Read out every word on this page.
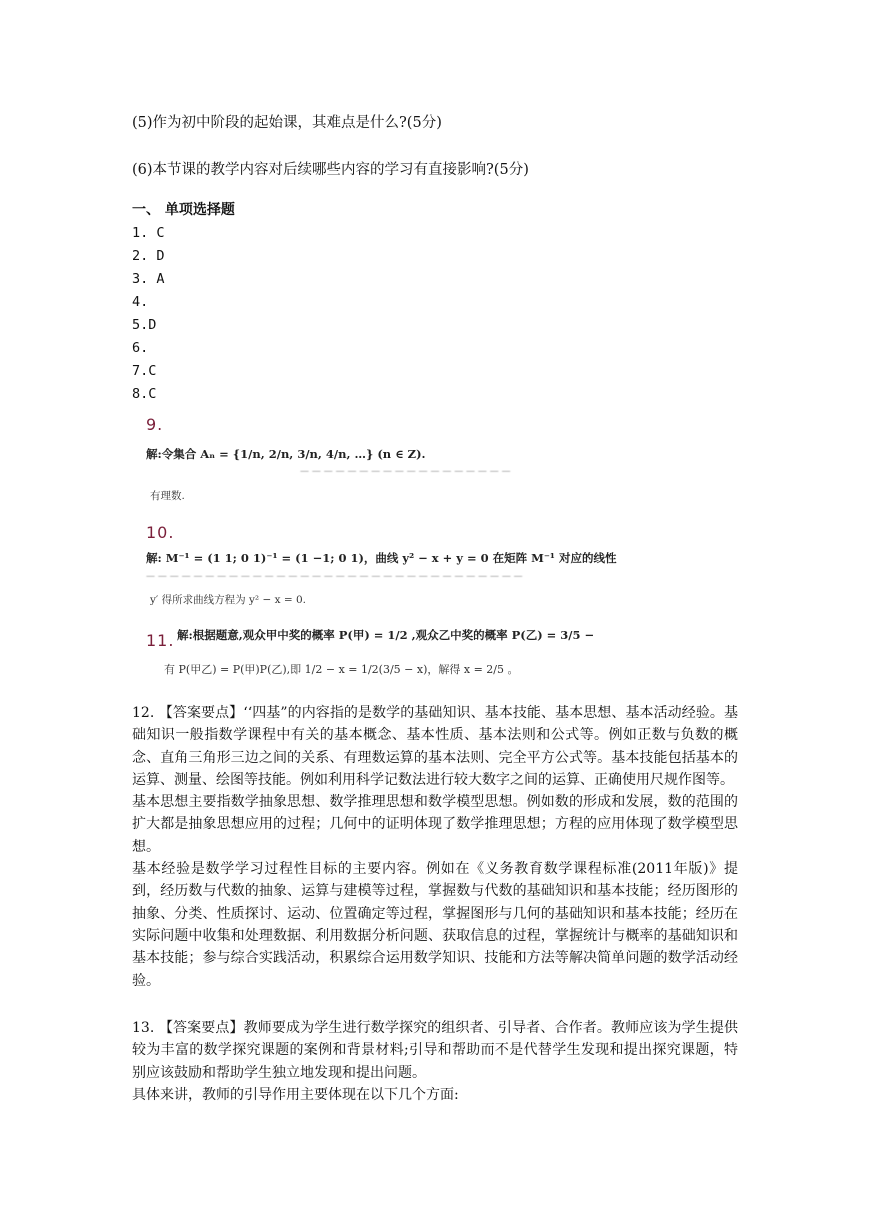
(5)作为初中阶段的起始课，其难点是什么?(5分)
(6)本节课的教学内容对后续哪些内容的学习有直接影响?(5分)
一、 单项选择题
1. C
2. D
3. A
4.
5.D
6.
7.C
8.C
9.
解:令集合 Aₙ = {1/n, 2/n, 3/n, 4/n, …} (n ∈ Z).
— — — — — — — — — — — — — — — — — —
有理数.
10.
解: M⁻¹ = (1 1; 0 1)⁻¹ = (1 −1; 0 1)，曲线 y² − x + y = 0 在矩阵 M⁻¹ 对应的线性
— — — — — — — — — — — — — — — — — — — — — — — — — — — — — — — —
y′ 得所求曲线方程为 y² − x = 0.
11. 解:根据题意,观众甲中奖的概率 P(甲) = 1/2 ,观众乙中奖的概率 P(乙) = 3/5 −
有 P(甲乙) = P(甲)P(乙),即 1/2 − x = 1/2(3/5 − x)，解得 x = 2/5 。

12. 【答案要点】‘‘四基”的内容指的是数学的基础知识、基本技能、基本思想、基本活动经验。基础知识一般指数学课程中有关的基本概念、基本性质、基本法则和公式等。例如正数与负数的概念、直角三角形三边之间的关系、有理数运算的基本法则、完全平方公式等。基本技能包括基本的运算、测量、绘图等技能。例如利用科学记数法进行较大数字之间的运算、正确使用尺规作图等。

基本思想主要指数学抽象思想、数学推理思想和数学模型思想。例如数的形成和发展，数的范围的扩大都是抽象思想应用的过程；几何中的证明体现了数学推理思想；方程的应用体现了数学模型思想。

基本经验是数学学习过程性目标的主要内容。例如在《义务教育数学课程标准(2011年版)》提到，经历数与代数的抽象、运算与建模等过程，掌握数与代数的基础知识和基本技能；经历图形的抽象、分类、性质探讨、运动、位置确定等过程，掌握图形与几何的基础知识和基本技能；经历在实际问题中收集和处理数据、利用数据分析问题、获取信息的过程，掌握统计与概率的基础知识和基本技能；参与综合实践活动，积累综合运用数学知识、技能和方法等解决简单问题的数学活动经验。

13. 【答案要点】教师要成为学生进行数学探究的组织者、引导者、合作者。教师应该为学生提供较为丰富的数学探究课题的案例和背景材料;引导和帮助而不是代替学生发现和提出探究课题，特别应该鼓励和帮助学生独立地发现和提出问题。

具体来讲，教师的引导作用主要体现在以下几个方面:
